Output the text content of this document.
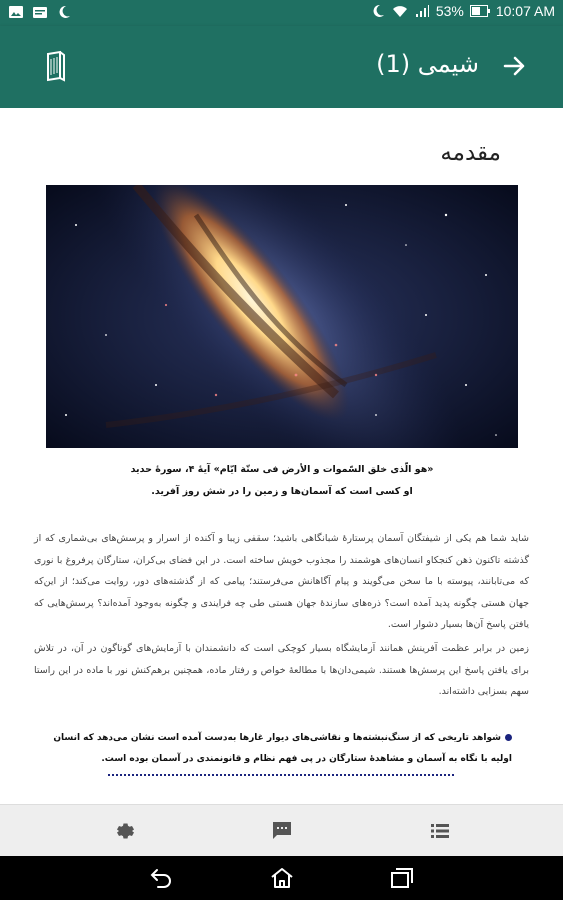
53% 10:07 AM
شیمی (1)
مقدمه
«هو الّذی خلق السّموات و الأرض فی ستّة ایّام» آیهٔ ۴، سورهٔ حدید
او کسی است که آسمان‌ها و زمین را در شش روز آفرید.
شاید شما هم یکی از شیفتگان آسمان پرستارهٔ شبانگاهی باشید؛ سقفی زیبا و آکنده از اسرار و پرسش‌های بی‌شماری که از گذشته تاکنون ذهن کنجکاو انسان‌های هوشمند را مجذوب خویش ساخته است. در این فضای بی‌کران، ستارگان پرفروغ با نوری که می‌تابانند، پیوسته با ما سخن می‌گویند و پیام آگاهانش می‌فرستند؛ پیامی که از گذشته‌های دور، روایت می‌کند؛ از این‌که جهان هستی چگونه پدید آمده است؟ ذره‌های سازندهٔ جهان هستی طی چه فرایندی و چگونه به‌وجود آمده‌اند؟ پرسش‌هایی که یافتن پاسخ آن‌ها بسیار دشوار است.
زمین در برابر عظمت آفرینش همانند آزمایشگاه بسیار کوچکی است که دانشمندان با آزمایش‌های گوناگون در آن، در تلاش برای یافتن پاسخ این پرسش‌ها هستند. شیمی‌دان‌ها با مطالعهٔ خواص و رفتار ماده، همچنین برهم‌کنش نور با ماده در این راستا سهم بسزایی داشته‌اند.
شواهد تاریخی که از سنگ‌نبشته‌ها و نقاشی‌های دیوار غارها به‌دست آمده است نشان می‌دهد که انسان اولیه با نگاه به آسمان و مشاهدهٔ ستارگان در پی فهم نظام و قانونمندی در آسمان بوده است.
